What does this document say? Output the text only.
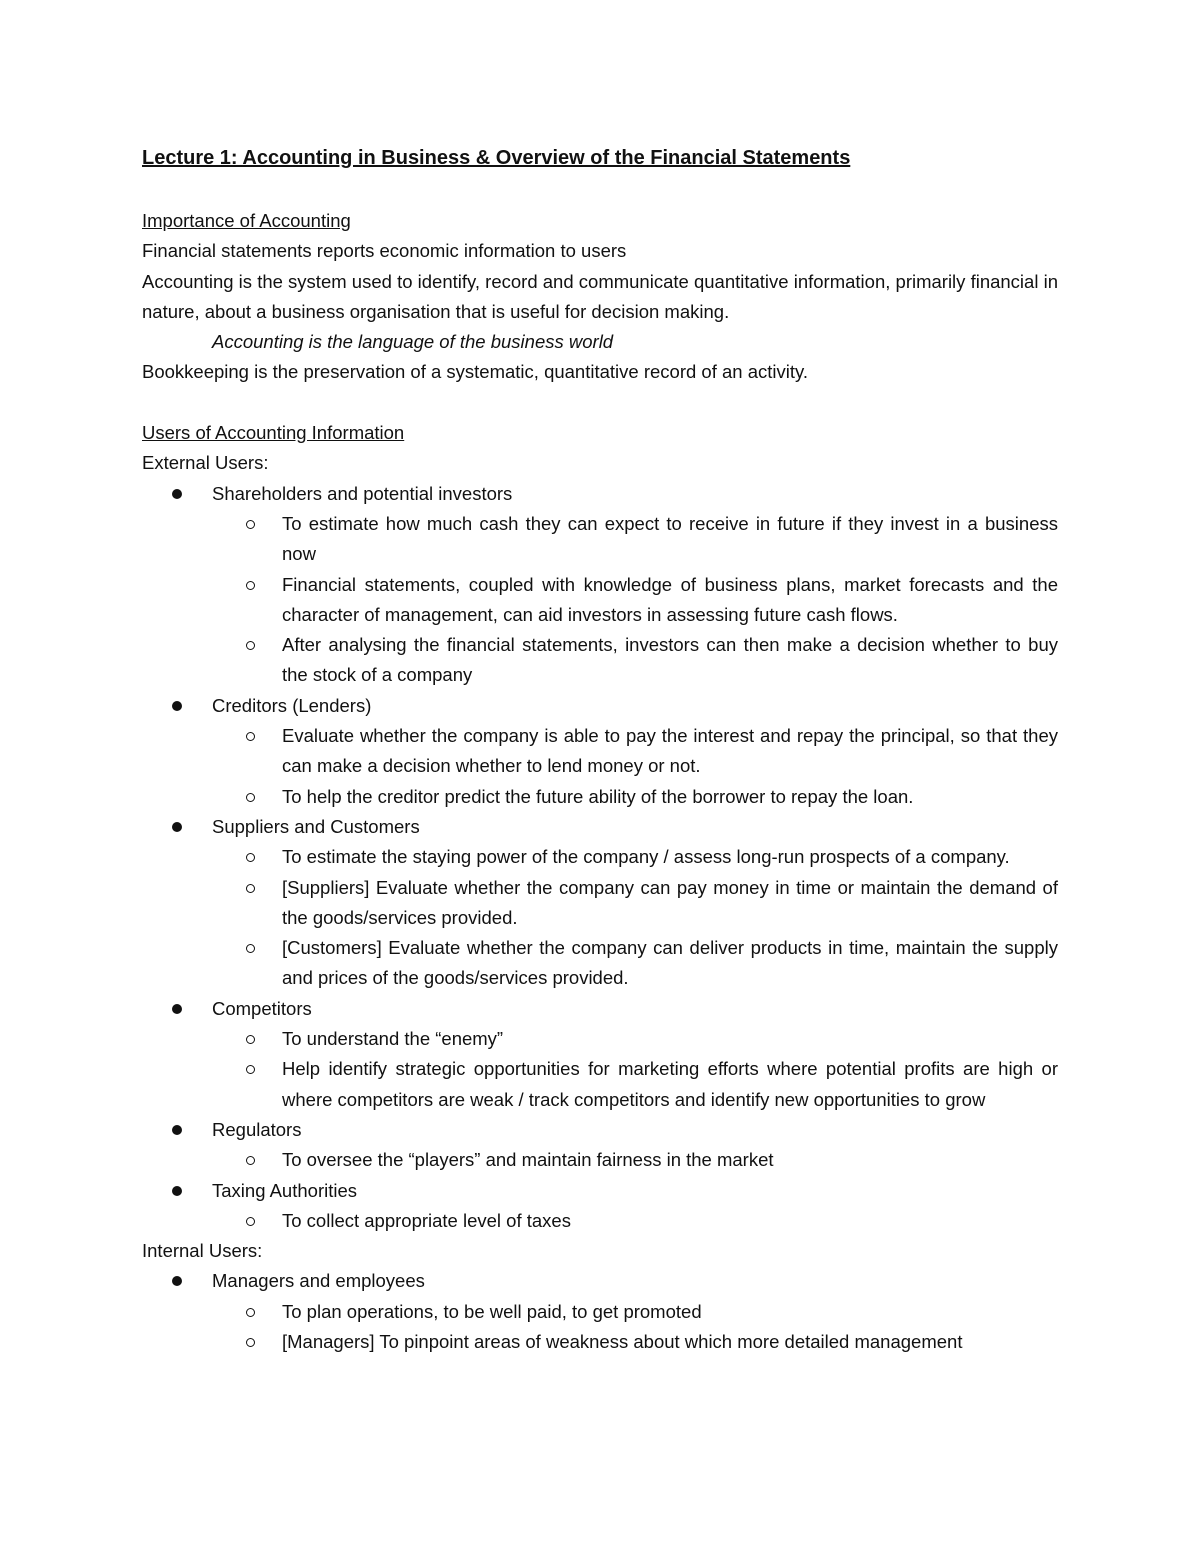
Lecture 1: Accounting in Business & Overview of the Financial Statements
Importance of Accounting
Financial statements reports economic information to users
Accounting is the system used to identify, record and communicate quantitative information, primarily financial in nature, about a business organisation that is useful for decision making.
Accounting is the language of the business world
Bookkeeping is the preservation of a systematic, quantitative record of an activity.
Users of Accounting Information
External Users:
Shareholders and potential investors
To estimate how much cash they can expect to receive in future if they invest in a business now
Financial statements, coupled with knowledge of business plans, market forecasts and the character of management, can aid investors in assessing future cash flows.
After analysing the financial statements, investors can then make a decision whether to buy the stock of a company
Creditors (Lenders)
Evaluate whether the company is able to pay the interest and repay the principal, so that they can make a decision whether to lend money or not.
To help the creditor predict the future ability of the borrower to repay the loan.
Suppliers and Customers
To estimate the staying power of the company / assess long-run prospects of a company.
[Suppliers] Evaluate whether the company can pay money in time or maintain the demand of the goods/services provided.
[Customers] Evaluate whether the company can deliver products in time, maintain the supply and prices of the goods/services provided.
Competitors
To understand the “enemy”
Help identify strategic opportunities for marketing efforts where potential profits are high or where competitors are weak / track competitors and identify new opportunities to grow
Regulators
To oversee the “players” and maintain fairness in the market
Taxing Authorities
To collect appropriate level of taxes
Internal Users:
Managers and employees
To plan operations, to be well paid, to get promoted
[Managers] To pinpoint areas of weakness about which more detailed management
